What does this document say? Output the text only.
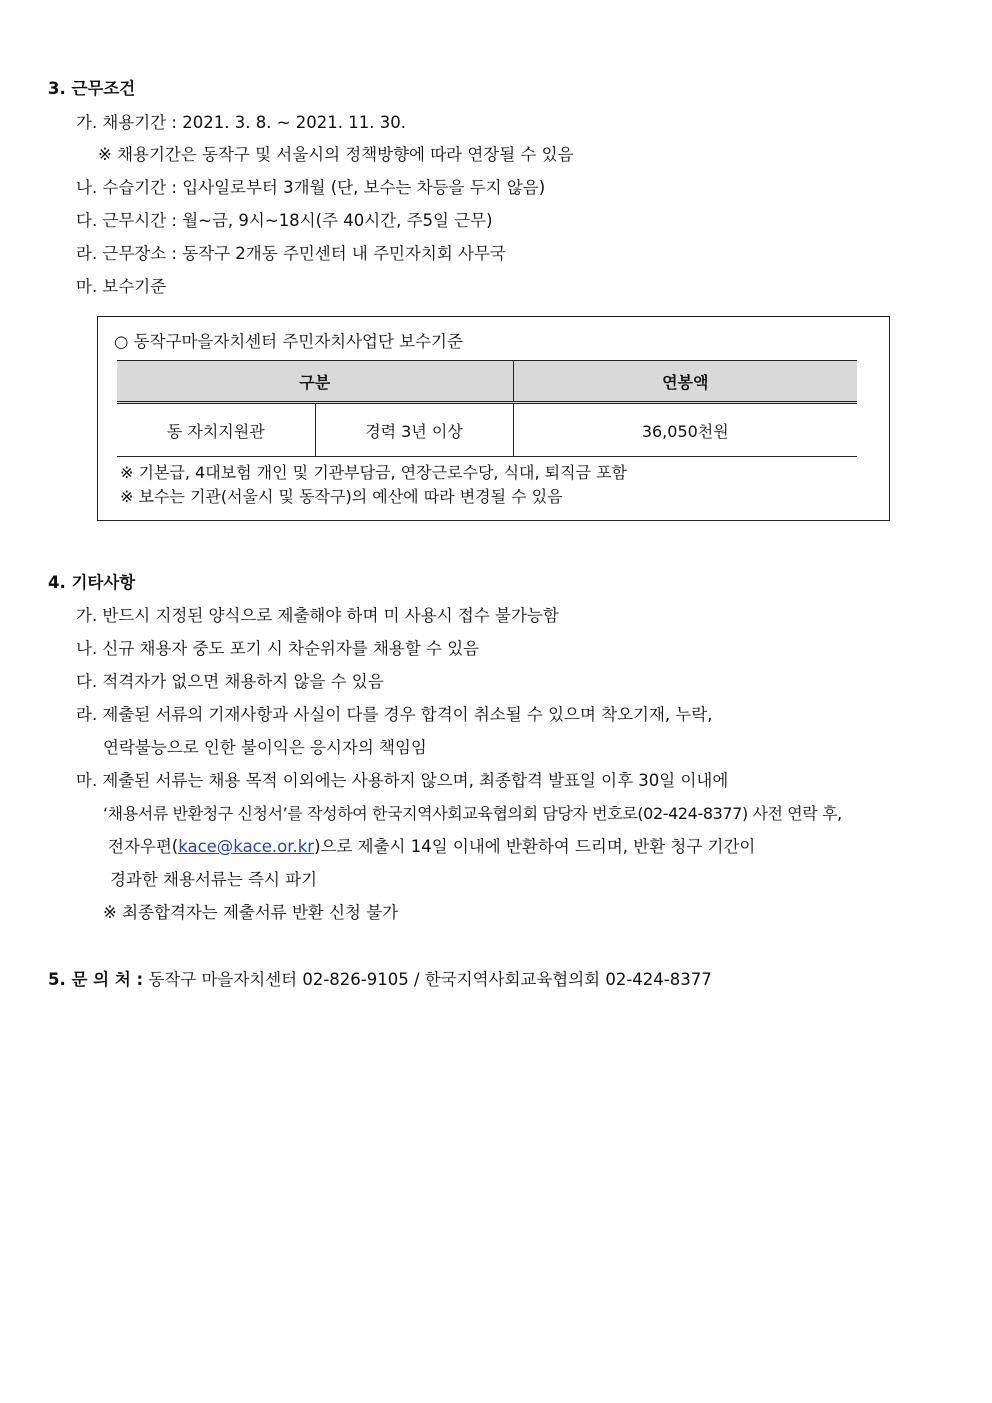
3. 근무조건
가. 채용기간 : 2021. 3. 8. ~ 2021. 11. 30.
※ 채용기간은 동작구 및 서울시의 정책방향에 따라 연장될 수 있음
나. 수습기간 : 입사일로부터 3개월 (단, 보수는 차등을 두지 않음)
다. 근무시간 : 월~금, 9시~18시(주 40시간, 주5일 근무)
라. 근무장소 : 동작구 2개동 주민센터 내 주민자치회 사무국
마. 보수기준
○ 동작구마을자치센터 주민자치사업단 보수기준
구분		연봉액
동 자치지원관	경력 3년 이상	36,050천원
※ 기본급, 4대보험 개인 및 기관부담금, 연장근로수당, 식대, 퇴직금 포함
※ 보수는 기관(서울시 및 동작구)의 예산에 따라 변경될 수 있음
4. 기타사항
가. 반드시 지정된 양식으로 제출해야 하며 미 사용시 접수 불가능함
나. 신규 채용자 중도 포기 시 차순위자를 채용할 수 있음
다. 적격자가 없으면 채용하지 않을 수 있음
라. 제출된 서류의 기재사항과 사실이 다를 경우 합격이 취소될 수 있으며 착오기재, 누락,
연락불능으로 인한 불이익은 응시자의 책임임
마. 제출된 서류는 채용 목적 이외에는 사용하지 않으며, 최종합격 발표일 이후 30일 이내에
‘채용서류 반환청구 신청서’를 작성하여 한국지역사회교육협의회 담당자 번호로(02-424-8377) 사전 연락 후,
전자우편(kace@kace.or.kr)으로 제출시 14일 이내에 반환하여 드리며, 반환 청구 기간이
경과한 채용서류는 즉시 파기
※ 최종합격자는 제출서류 반환 신청 불가
5. 문 의 처 : 동작구 마을자치센터 02-826-9105 / 한국지역사회교육협의회 02-424-8377
